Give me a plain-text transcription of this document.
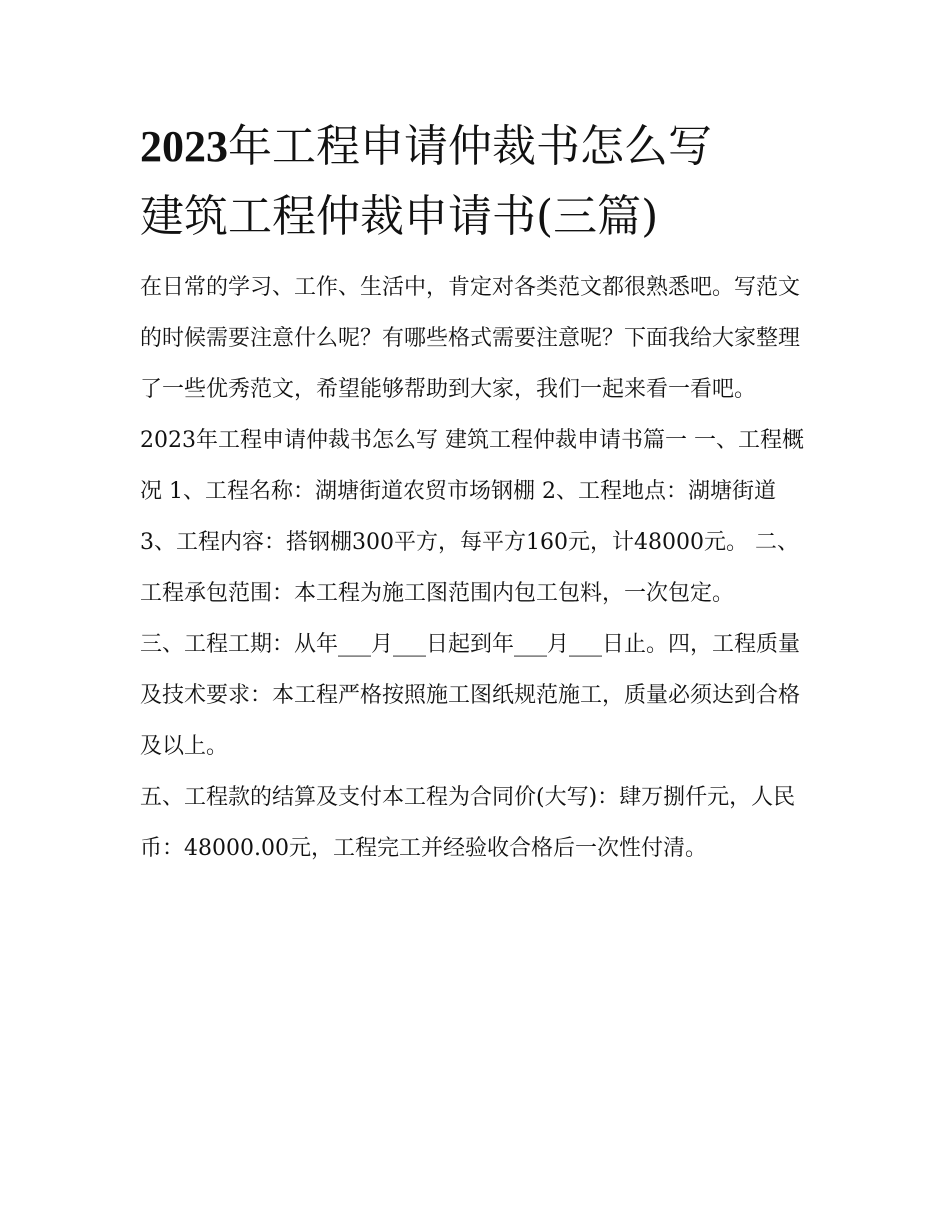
2023年工程申请仲裁书怎么写
建筑工程仲裁申请书(三篇)

在日常的学习、工作、生活中，肯定对各类范文都很熟悉吧。写范文的时候需要注意什么呢？有哪些格式需要注意呢？下面我给大家整理了一些优秀范文，希望能够帮助到大家，我们一起来看一看吧。

2023年工程申请仲裁书怎么写 建筑工程仲裁申请书篇一 一、工程概况 1、工程名称：湖塘街道农贸市场钢棚 2、工程地点：湖塘街道

3、工程内容：搭钢棚300平方，每平方160元，计48000元。 二、工程承包范围：本工程为施工图范围内包工包料，一次包定。

三、工程工期：从年___月___日起到年___月___日止。四，工程质量及技术要求：本工程严格按照施工图纸规范施工，质量必须达到合格及以上。

五、工程款的结算及支付本工程为合同价(大写)：肆万捌仟元，人民币：48000.00元，工程完工并经验收合格后一次性付清。
